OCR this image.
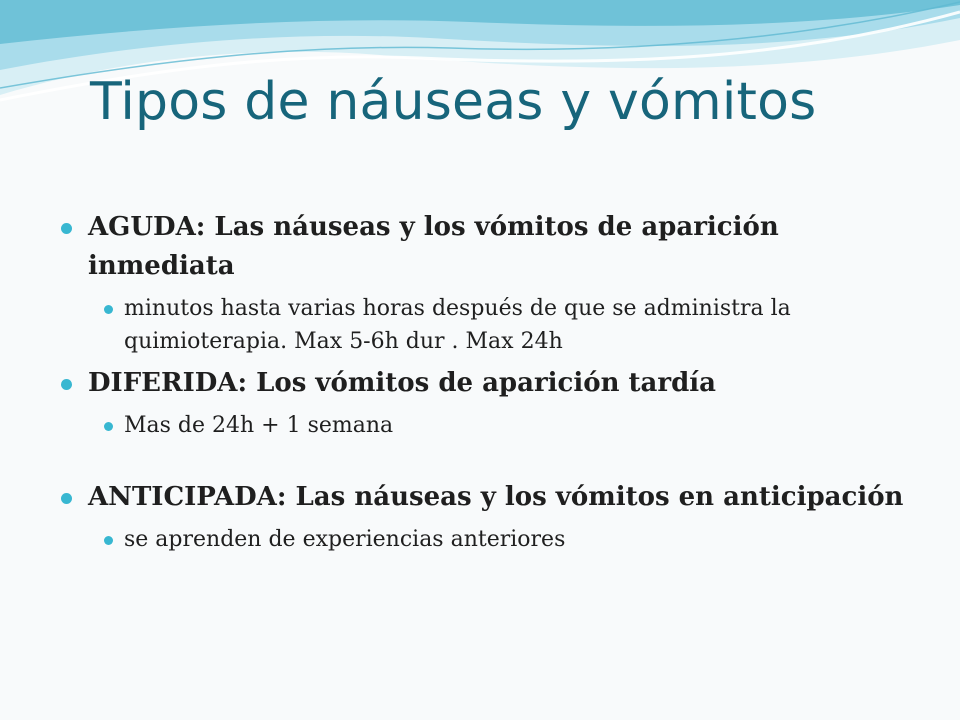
Tipos de náuseas y vómitos
AGUDA: Las náuseas y los vómitos de aparición inmediata
minutos hasta varias horas después de que se administra la quimioterapia. Max 5-6h dur . Max 24h
DIFERIDA: Los vómitos de aparición tardía
Mas de 24h + 1 semana
ANTICIPADA: Las náuseas y los vómitos en anticipación
se aprenden de experiencias anteriores
